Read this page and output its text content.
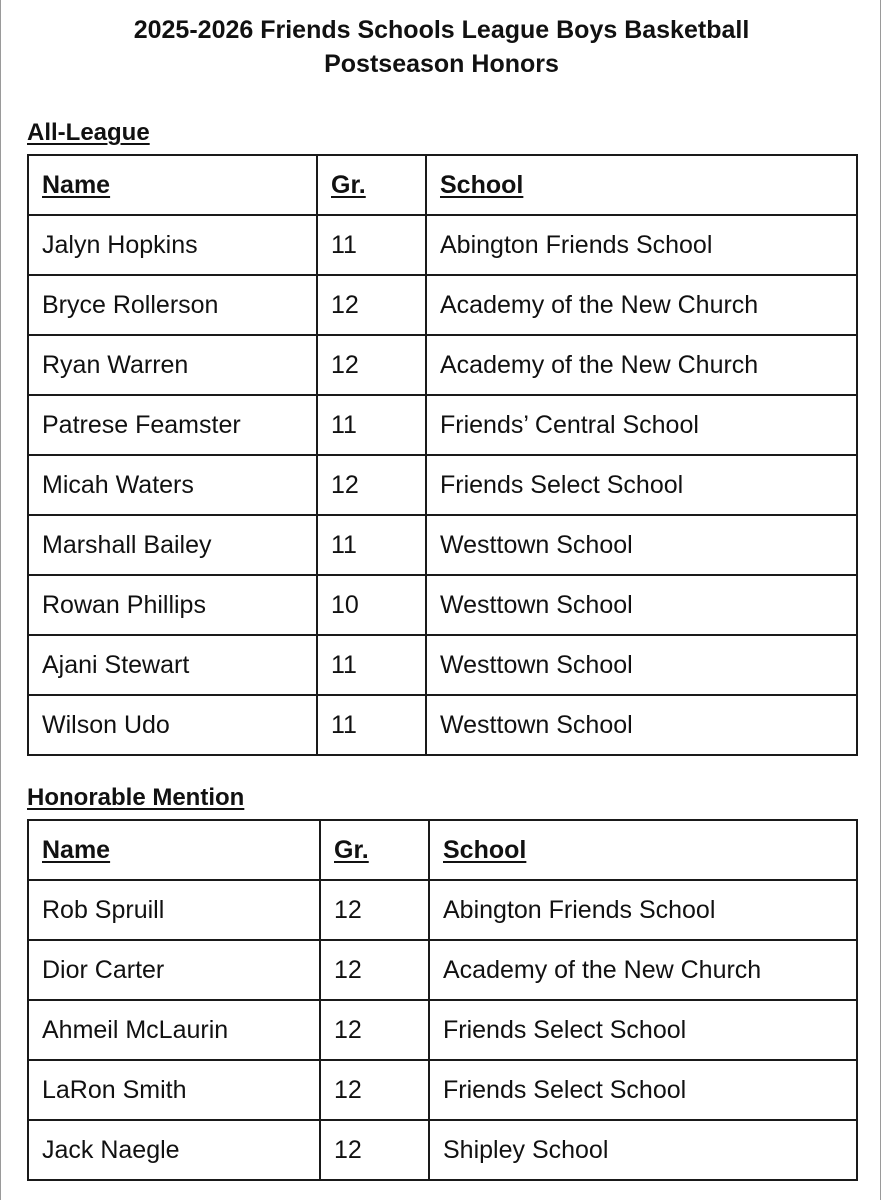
2025-2026 Friends Schools League Boys Basketball
Postseason Honors
All-League
Name	Gr.	School
Jalyn Hopkins	11	Abington Friends School
Bryce Rollerson	12	Academy of the New Church
Ryan Warren	12	Academy of the New Church
Patrese Feamster	11	Friends’ Central School
Micah Waters	12	Friends Select School
Marshall Bailey	11	Westtown School
Rowan Phillips	10	Westtown School
Ajani Stewart	11	Westtown School
Wilson Udo	11	Westtown School
Honorable Mention
Name	Gr.	School
Rob Spruill	12	Abington Friends School
Dior Carter	12	Academy of the New Church
Ahmeil McLaurin	12	Friends Select School
LaRon Smith	12	Friends Select School
Jack Naegle	12	Shipley School
